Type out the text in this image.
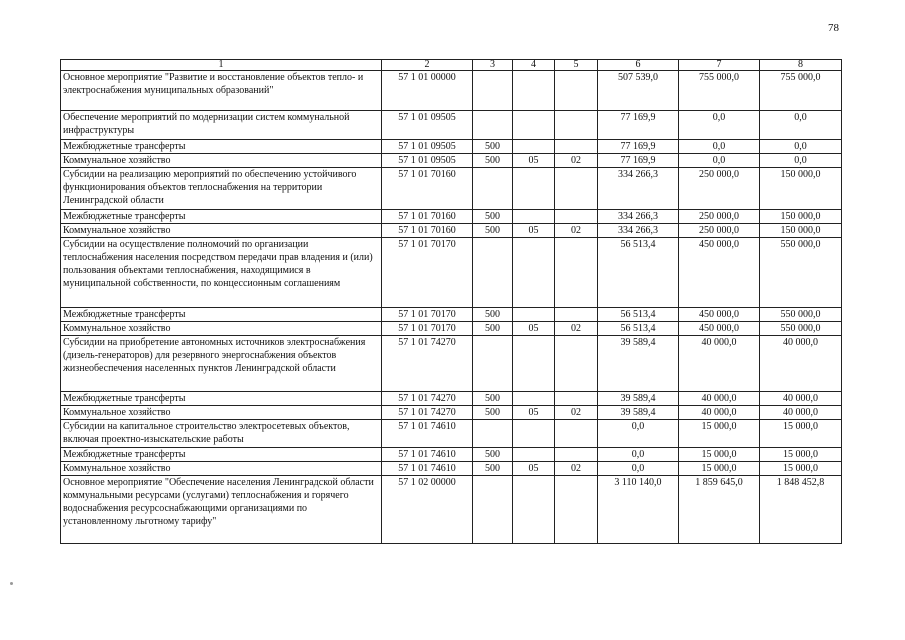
78
1	2	3	4	5	6	7	8
Основное мероприятие "Развитие и восстановление объектов тепло- и электроснабжения муниципальных образований"	57 1 01 00000				507 539,0	755 000,0	755 000,0
Обеспечение мероприятий по модернизации систем коммунальной инфраструктуры	57 1 01 09505				77 169,9	0,0	0,0
Межбюджетные трансферты	57 1 01 09505	500			77 169,9	0,0	0,0
Коммунальное хозяйство	57 1 01 09505	500	05	02	77 169,9	0,0	0,0
Субсидии на реализацию мероприятий по обеспечению устойчивого функционирования объектов теплоснабжения на территории Ленинградской области	57 1 01 70160				334 266,3	250 000,0	150 000,0
Межбюджетные трансферты	57 1 01 70160	500			334 266,3	250 000,0	150 000,0
Коммунальное хозяйство	57 1 01 70160	500	05	02	334 266,3	250 000,0	150 000,0
Субсидии на осуществление полномочий по организации теплоснабжения населения посредством передачи прав владения и (или) пользования объектами теплоснабжения, находящимися в муниципальной собственности, по концессионным соглашениям	57 1 01 70170				56 513,4	450 000,0	550 000,0
Межбюджетные трансферты	57 1 01 70170	500			56 513,4	450 000,0	550 000,0
Коммунальное хозяйство	57 1 01 70170	500	05	02	56 513,4	450 000,0	550 000,0
Субсидии на приобретение автономных источников электроснабжения (дизель-генераторов) для резервного энергоснабжения объектов жизнеобеспечения населенных пунктов Ленинградской области	57 1 01 74270				39 589,4	40 000,0	40 000,0
Межбюджетные трансферты	57 1 01 74270	500			39 589,4	40 000,0	40 000,0
Коммунальное хозяйство	57 1 01 74270	500	05	02	39 589,4	40 000,0	40 000,0
Субсидии на капитальное строительство электросетевых объектов, включая проектно-изыскательские работы	57 1 01 74610				0,0	15 000,0	15 000,0
Межбюджетные трансферты	57 1 01 74610	500			0,0	15 000,0	15 000,0
Коммунальное хозяйство	57 1 01 74610	500	05	02	0,0	15 000,0	15 000,0
Основное мероприятие "Обеспечение населения Ленинградской области коммунальными ресурсами (услугами) теплоснабжения и горячего водоснабжения ресурсоснабжающими организациями по установленному льготному тарифу"	57 1 02 00000				3 110 140,0	1 859 645,0	1 848 452,8
